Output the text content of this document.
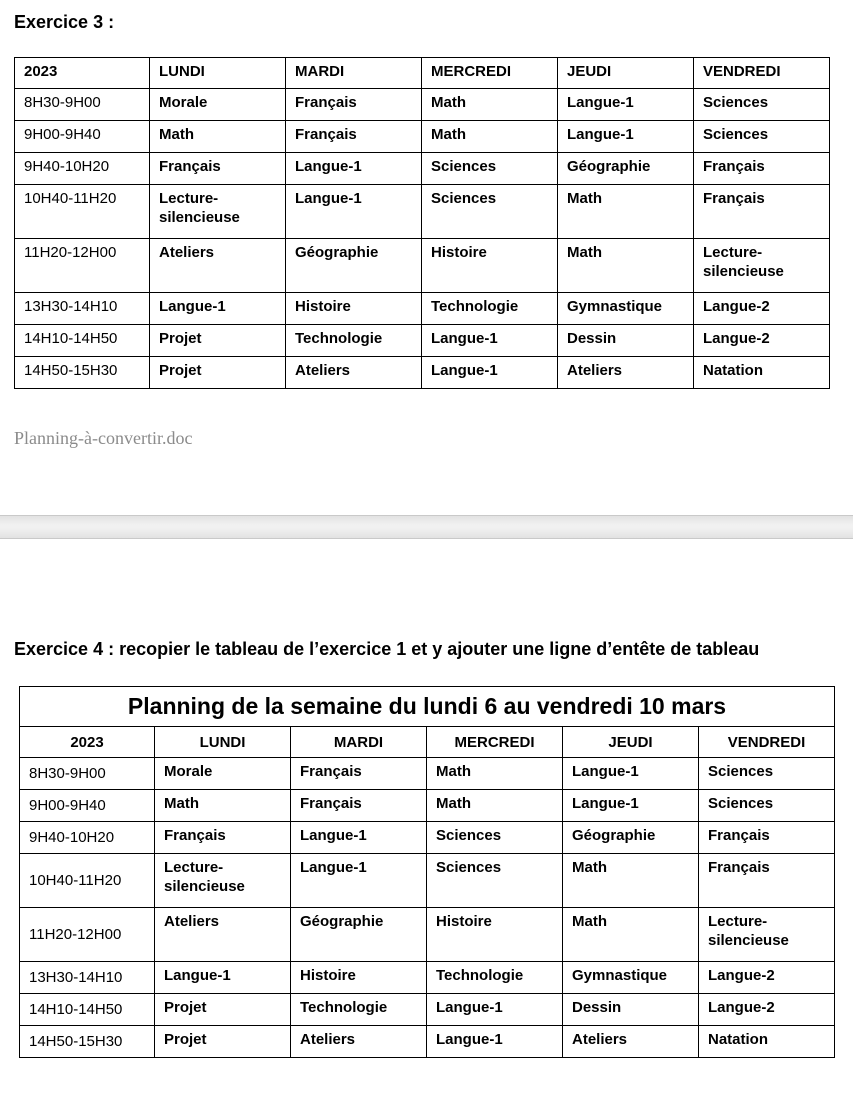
Exercice 3 :
2023	LUNDI	MARDI	MERCREDI	JEUDI	VENDREDI
8H30-9H00	Morale	Français	Math	Langue-1	Sciences
9H00-9H40	Math	Français	Math	Langue-1	Sciences
9H40-10H20	Français	Langue-1	Sciences	Géographie	Français
10H40-11H20	Lecture-silencieuse	Langue-1	Sciences	Math	Français
11H20-12H00	Ateliers	Géographie	Histoire	Math	Lecture-silencieuse
13H30-14H10	Langue-1	Histoire	Technologie	Gymnastique	Langue-2
14H10-14H50	Projet	Technologie	Langue-1	Dessin	Langue-2
14H50-15H30	Projet	Ateliers	Langue-1	Ateliers	Natation
Planning-à-convertir.doc
Exercice 4 : recopier le tableau de l’exercice 1 et y ajouter une ligne d’entête de tableau
Planning de la semaine du lundi 6 au vendredi 10 mars					
2023	LUNDI	MARDI	MERCREDI	JEUDI	VENDREDI
8H30-9H00	Morale	Français	Math	Langue-1	Sciences
9H00-9H40	Math	Français	Math	Langue-1	Sciences
9H40-10H20	Français	Langue-1	Sciences	Géographie	Français
10H40-11H20	Lecture-silencieuse	Langue-1	Sciences	Math	Français
11H20-12H00	Ateliers	Géographie	Histoire	Math	Lecture-silencieuse
13H30-14H10	Langue-1	Histoire	Technologie	Gymnastique	Langue-2
14H10-14H50	Projet	Technologie	Langue-1	Dessin	Langue-2
14H50-15H30	Projet	Ateliers	Langue-1	Ateliers	Natation
